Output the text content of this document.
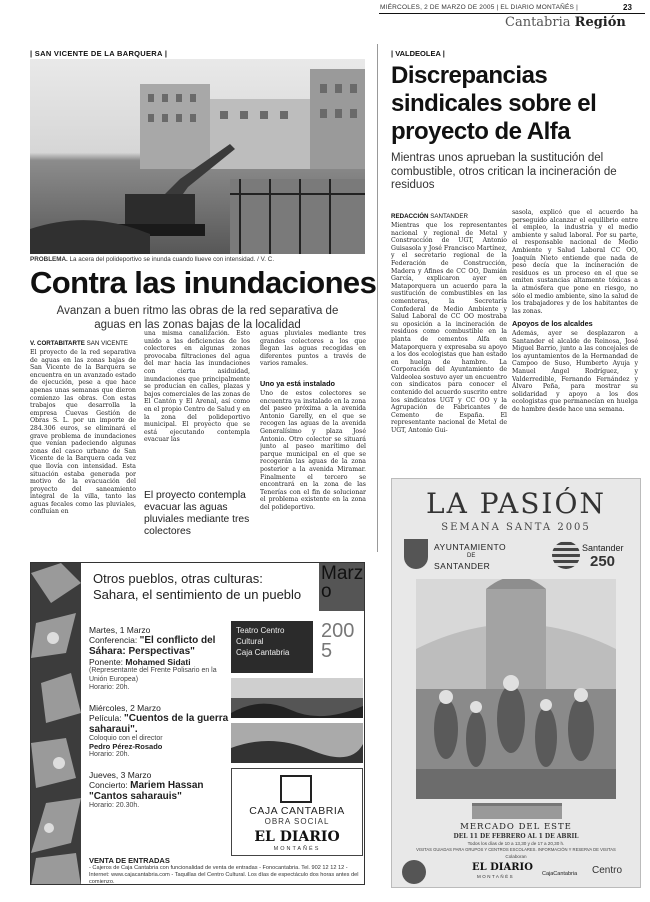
MIÉRCOLES, 2 DE MARZO DE 2005 | EL DIARIO MONTAÑÉS |	23
Cantabria Región
| SAN VICENTE DE LA BARQUERA |
PROBLEMA. La acera del polideportivo se inunda cuando llueve con intensidad. / V. C.
Contra las inundaciones
Avanzan a buen ritmo las obras de la red separativa de aguas en las zonas bajas de la localidad
V. CORTABITARTE SAN VICENTE
El proyecto de la red separativa de aguas en las zonas bajas de San Vicente de la Barquera se encuentra en un avanzado estado de ejecución, pese a que hace apenas unas semanas que dieron comienzo las obras. Con estas trabajos que desarrolla la empresa Cuevas Gestión de Obras S. L. por un importe de 284.306 euros, se eliminará el grave problema de inundaciones que venían padeciendo algunas zonas del casco urbano de San Vicente de la Barquera cada vez que llovía con intensidad. Esta situación estaba generada por motivo de la evacuación del proyecto del saneamiento integral de la villa, tanto las aguas fecales como las pluviales, confluían en
una misma canalización. Esto unido a las deficiencias de los colectores en algunas zonas provocaba filtraciones del agua del mar hacia las inundaciones con cierta asiduidad, inundaciones que principalmente se producían en calles, plazas y bajos comerciales de las zonas de El Cantón y El Arenal, así como en el propio Centro de Salud y en la zona del polideportivo municipal. El proyecto que se está ejecutando contempla evacuar las
El proyecto contempla evacuar las aguas pluviales mediante tres colectores
aguas pluviales mediante tres grandes colectores a los que llegan las aguas recogidas en diferentes puntos a través de varios ramales.
Uno ya está instalado
Uno de estos colectores se encuentra ya instalado en la zona del paseo próxima a la avenida Antonio Garelly, en el que se recogen las aguas de la avenida Generalísimo y plaza José Antonio. Otro colector se situará junto al paseo marítimo del parque municipal en el que se recogerán las aguas de la zona posterior a la avenida Miramar. Finalmente el tercero se encontrará en la zona de las Tenerías con el fin de solucionar el problema existente en la zona del polideportivo.
| VALDEOLEA |
Discrepancias sindicales sobre el proyecto de Alfa
Mientras unos aprueban la sustitución del combustible, otros critican la incineración de residuos
REDACCIÓN SANTANDER
Mientras que los representantes nacional y regional de Metal y Construcción de UGT, Antonio Guisasola y José Francisco Martínez, y el secretario regional de la Federación de Construcción, Madera y Afines de CC OO, Damián García, explicaron ayer en Mataporquera un acuerdo para la sustitución de combustibles en las cementeras, la Secretaría Confederal de Medio Ambiente y Salud Laboral de CC OO mostraba su oposición a la incineración de residuos como combustible en la planta de cementos Alfa en Mataporquera y expresaba su apoyo a los dos ecologistas que han estado en huelga de hambre. La Corporación del Ayuntamiento de Valdeolea sostuvo ayer un encuentro con sindicatos para conocer el contenido del acuerdo suscrito entre los sindicatos UGT y CC OO y la Agrupación de Fabricantes de Cemento de España. El representante nacional de Metal de UGT, Antonio Gui-
sasola, explicó que el acuerdo ha perseguido alcanzar el equilibrio entre el empleo, la industria y el medio ambiente y salud laboral. Por su parte, el responsable nacional de Medio Ambiente y Salud Laboral CC OO, Joaquín Nieto entiende que nada de peso decía que la incineración de residuos es un proceso en el que se emiten sustancias altamente tóxicas a la atmósfera que pone en riesgo, no sólo el medio ambiente, sino la salud de los trabajadores y de los habitantes de las zonas.
Apoyos de los alcaldes
Además, ayer se desplazaron a Santander el alcalde de Reinosa, José Miguel Barrio, junto a las concejales de los ayuntamientos de la Hermandad de Campoo de Suso, Humberto Ayuja y Manuel Ángel Rodríguez, y Valderredible, Fernando Fernández y Álvaro Peña, para mostrar su solidaridad y apoyo a los dos ecologistas que permanecían en huelga de hambre desde hace una semana.
Marzo
Otros pueblos, otras culturas:
Sahara, el sentimiento de un pueblo
Teatro Centro
Cultural
Caja Cantabria
2005
Martes, 1 Marzo
Conferencia: "El conflicto del Sáhara: Perspectivas"
Ponente: Mohamed Sidati
(Representante del Frente Polisario en la Unión Europea)
Horario: 20h.
Miércoles, 2 Marzo
Película: "Cuentos de la guerra saharaui".
Coloquio con el director
Pedro Pérez-Rosado
Horario: 20h.
Jueves, 3 Marzo
Concierto: Mariem Hassan "Cantos saharauis"
Horario: 20.30h.	CAJA CANTABRIA
OBRA SOCIAL
EL DIARIO
MONTAÑÉS
VENTA DE ENTRADAS
- Cajeros de Caja Cantabria con funcionalidad de venta de entradas - Fonocantabria. Tel. 902 12 12 12 - Internet: www.cajacantabria.com - Taquillas del Centro Cultural. Los días de espectáculo dos horas antes del comienzo.
LA PASIÓN
SEMANA SANTA 2005
AYUNTAMIENTO
DE
SANTANDER
Santander
250
MERCADO DEL ESTE
DEL 11 DE FEBRERO AL 1 DE ABRIL
Todos los días de 10 a 13,30 y de 17 a 20,30 h.
VISITAS GUIADAS PARA GRUPOS Y CENTROS ESCOLARES. INFORMACIÓN Y RESERVA DE VISITAS
Colaboran
EL DIARIO
MONTAÑÉS	CajaCantabria Centro
